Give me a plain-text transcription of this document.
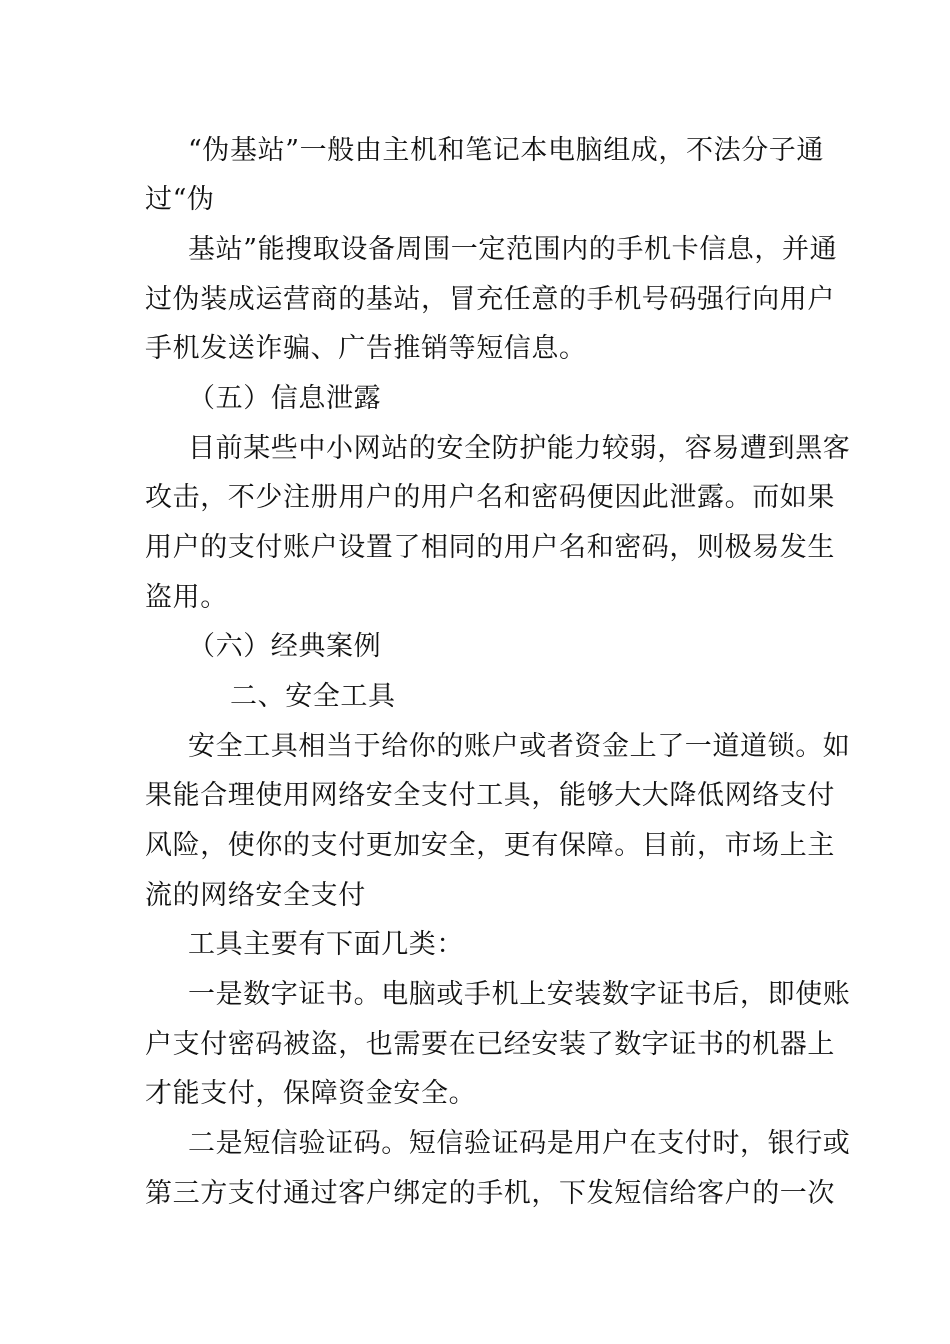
“伪基站”一般由主机和笔记本电脑组成，不法分子通
过“伪
基站”能搜取设备周围一定范围内的手机卡信息，并通
过伪装成运营商的基站，冒充任意的手机号码强行向用户
手机发送诈骗、广告推销等短信息。
（五）信息泄露
目前某些中小网站的安全防护能力较弱，容易遭到黑客
攻击，不少注册用户的用户名和密码便因此泄露。而如果
用户的支付账户设置了相同的用户名和密码，则极易发生
盗用。
（六）经典案例
二、安全工具
安全工具相当于给你的账户或者资金上了一道道锁。如
果能合理使用网络安全支付工具，能够大大降低网络支付
风险，使你的支付更加安全，更有保障。目前，市场上主
流的网络安全支付
工具主要有下面几类：
一是数字证书。电脑或手机上安装数字证书后，即使账
户支付密码被盗，也需要在已经安装了数字证书的机器上
才能支付，保障资金安全。
二是短信验证码。短信验证码是用户在支付时，银行或
第三方支付通过客户绑定的手机，下发短信给客户的一次
